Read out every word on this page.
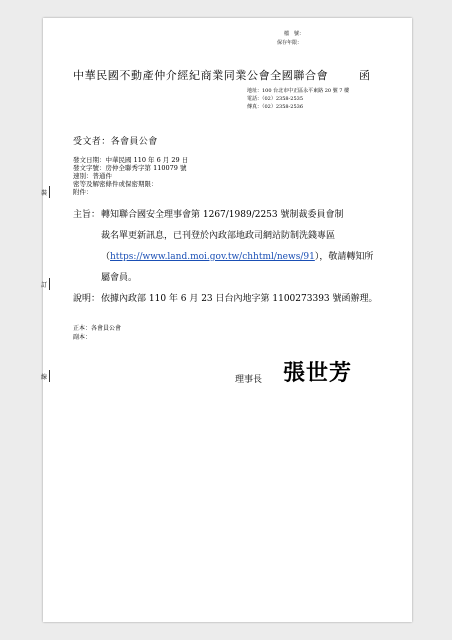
檔　號：
保存年限：
中華民國不動產仲介經紀商業同業公會全國聯合會	函
地址：100 台北市中正區永平東路 20 號 7 樓
電話：（02）2358-2535
傳真：（02）2358-2536
受文者：各會員公會
發文日期：中華民國 110 年 6 月 29 日
發文字號：房仲全聯秀字第 110079 號
速別：普通件
密等及解密條件或保密期限：
附件：
主旨： 轉知聯合國安全理事會第 1267/1989/2253 號制裁委員會制
裁名單更新訊息，已刊登於內政部地政司網站防制洗錢專區
（https://www.land.moi.gov.tw/chhtml/news/91），敬請轉知所
屬會員。
說明： 依據內政部 110 年 6 月 23 日台內地字第 1100273393 號函辦理。
正本：各會員公會
副本：
理事長 張世芳
裝
訂
線
